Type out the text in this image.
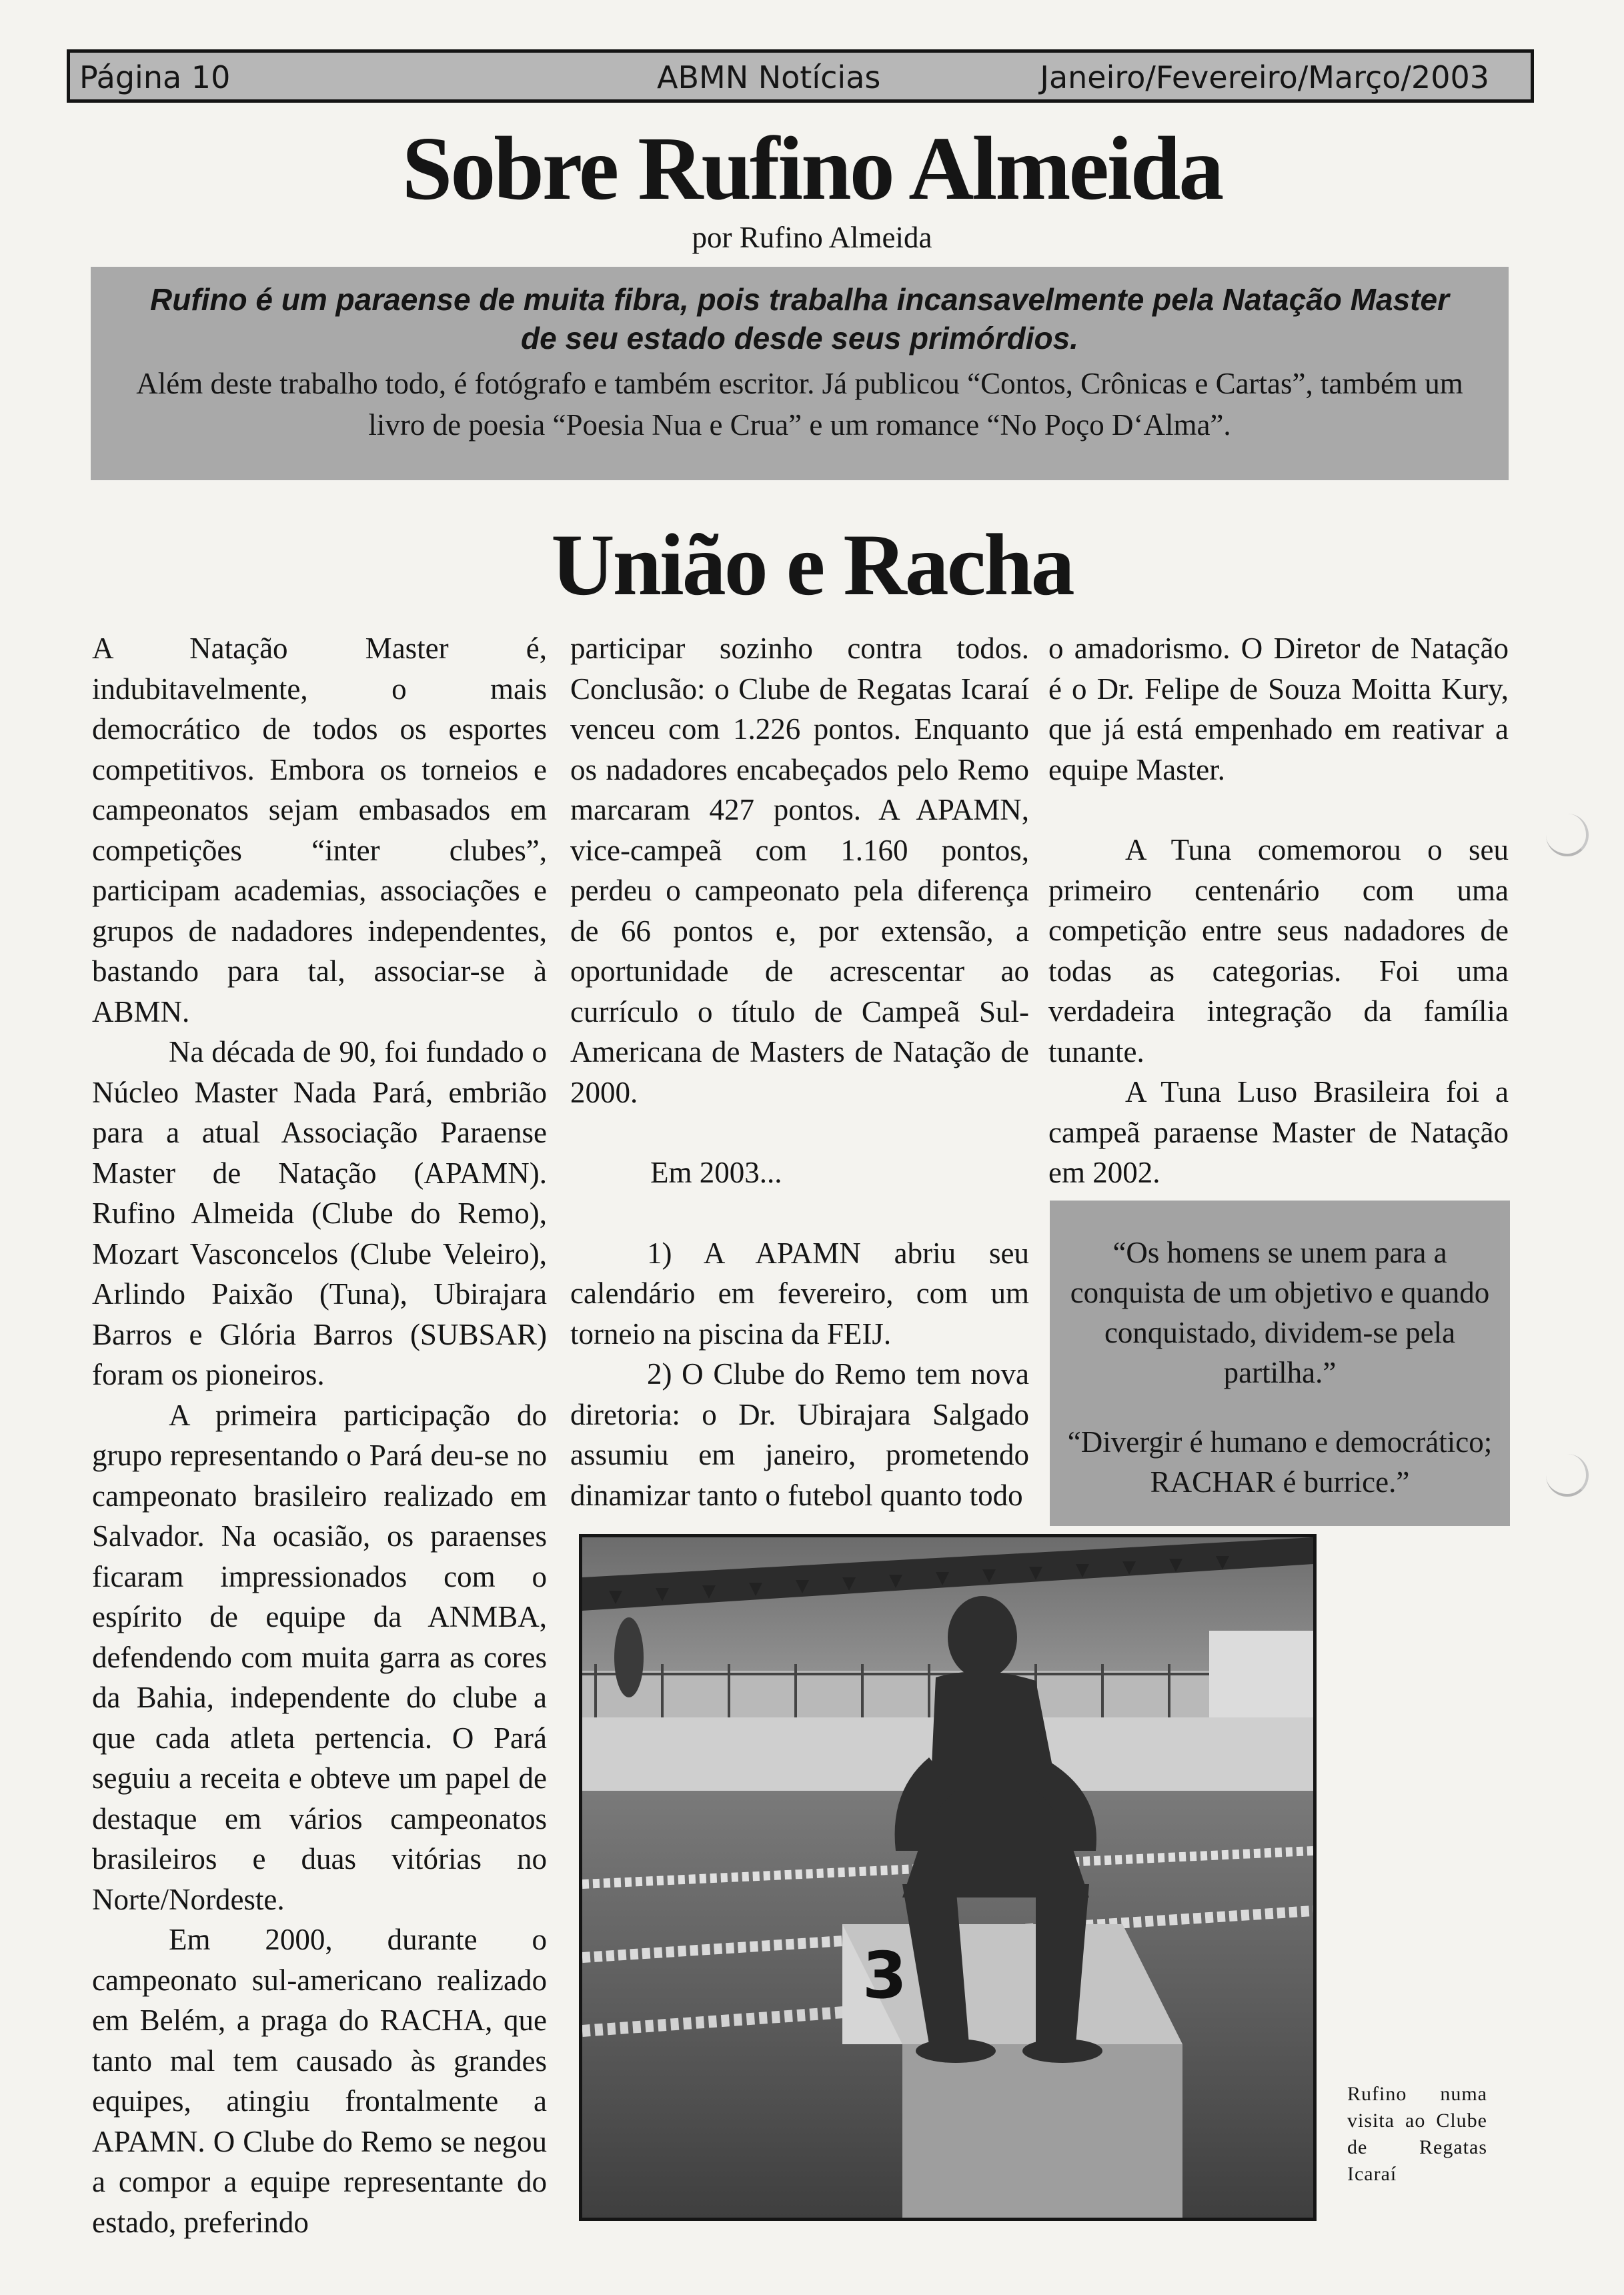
Página 10	ABMN Notícias	Janeiro/Fevereiro/Março/2003
Sobre Rufino Almeida
por Rufino Almeida

Rufino é um paraense de muita fibra, pois trabalha incansavelmente pela Natação Master de seu estado desde seus primórdios.

Além deste trabalho todo, é fotógrafo e também escritor. Já publicou “Contos, Crônicas e Cartas”, também um livro de poesia “Poesia Nua e Crua” e um romance “No Poço D‘Alma”.

União e Racha

A Natação Master é, indubitavelmente, o mais democrático de todos os esportes competitivos. Embora os torneios e campeonatos sejam embasados em competições “inter clubes”, participam academias, associações e grupos de nadadores independentes, bastando para tal, associar-se à ABMN.

Na década de 90, foi fundado o Núcleo Master Nada Pará, embrião para a atual Associação Paraense Master de Natação (APAMN). Rufino Almeida (Clube do Remo), Mozart Vasconcelos (Clube Veleiro), Arlindo Paixão (Tuna), Ubirajara Barros e Glória Barros (SUBSAR) foram os pioneiros.

A primeira participação do grupo representando o Pará deu-se no campeonato brasileiro realizado em Salvador. Na ocasião, os paraenses ficaram impressionados com o espírito de equipe da ANMBA, defendendo com muita garra as cores da Bahia, independente do clube a que cada atleta pertencia. O Pará seguiu a receita e obteve um papel de destaque em vários campeonatos brasileiros e duas vitórias no Norte/Nordeste.

Em 2000, durante o campeonato sul-americano realizado em Belém, a praga do RACHA, que tanto mal tem causado às grandes equipes, atingiu frontalmente a APAMN. O Clube do Remo se negou a compor a equipe representante do estado, preferindo

participar sozinho contra todos. Conclusão: o Clube de Regatas Icaraí venceu com 1.226 pontos. Enquanto os nadadores encabeçados pelo Remo marcaram 427 pontos. A APAMN, vice-campeã com 1.160 pontos, perdeu o campeonato pela diferença de 66 pontos e, por extensão, a oportunidade de acrescentar ao currículo o título de Campeã Sul-Americana de Masters de Natação de 2000.

Em 2003...

1) A APAMN abriu seu calendário em fevereiro, com um torneio na piscina da FEIJ.

2) O Clube do Remo tem nova diretoria: o Dr. Ubirajara Salgado assumiu em janeiro, prometendo dinamizar tanto o futebol quanto todo

o amadorismo. O Diretor de Natação é o Dr. Felipe de Souza Moitta Kury, que já está empenhado em reativar a equipe Master.

A Tuna comemorou o seu primeiro centenário com uma competição entre seus nadadores de todas as categorias. Foi uma verdadeira integração da família tunante.

A Tuna Luso Brasileira foi a campeã paraense Master de Natação em 2002.

“Os homens se unem para a conquista de um objetivo e quando conquistado, dividem-se pela partilha.”

“Divergir é humano e democrático; RACHAR é burrice.”

3
Rufino numa visita ao Clube de Regatas Icaraí
